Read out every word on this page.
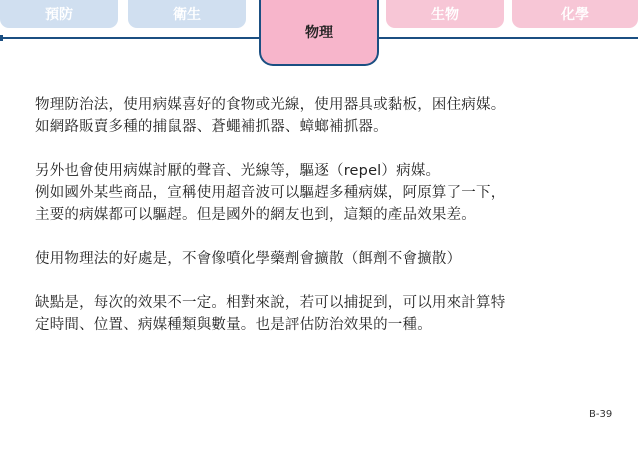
預防	衛生
物理
生物	化學

物理防治法，使用病媒喜好的食物或光線，使用器具或黏板，困住病媒。
如網路販賣多種的捕鼠器、蒼蠅補抓器、蟑螂補抓器。

另外也會使用病媒討厭的聲音、光線等，驅逐（repel）病媒。
例如國外某些商品，宣稱使用超音波可以驅趕多種病媒，阿原算了一下，
主要的病媒都可以驅趕。但是國外的網友也到，這類的產品效果差。

使用物理法的好處是，不會像噴化學藥劑會擴散（餌劑不會擴散）

缺點是，每次的效果不一定。相對來說，若可以捕捉到，可以用來計算特
定時間、位置、病媒種類與數量。也是評估防治效果的一種。

B-39
